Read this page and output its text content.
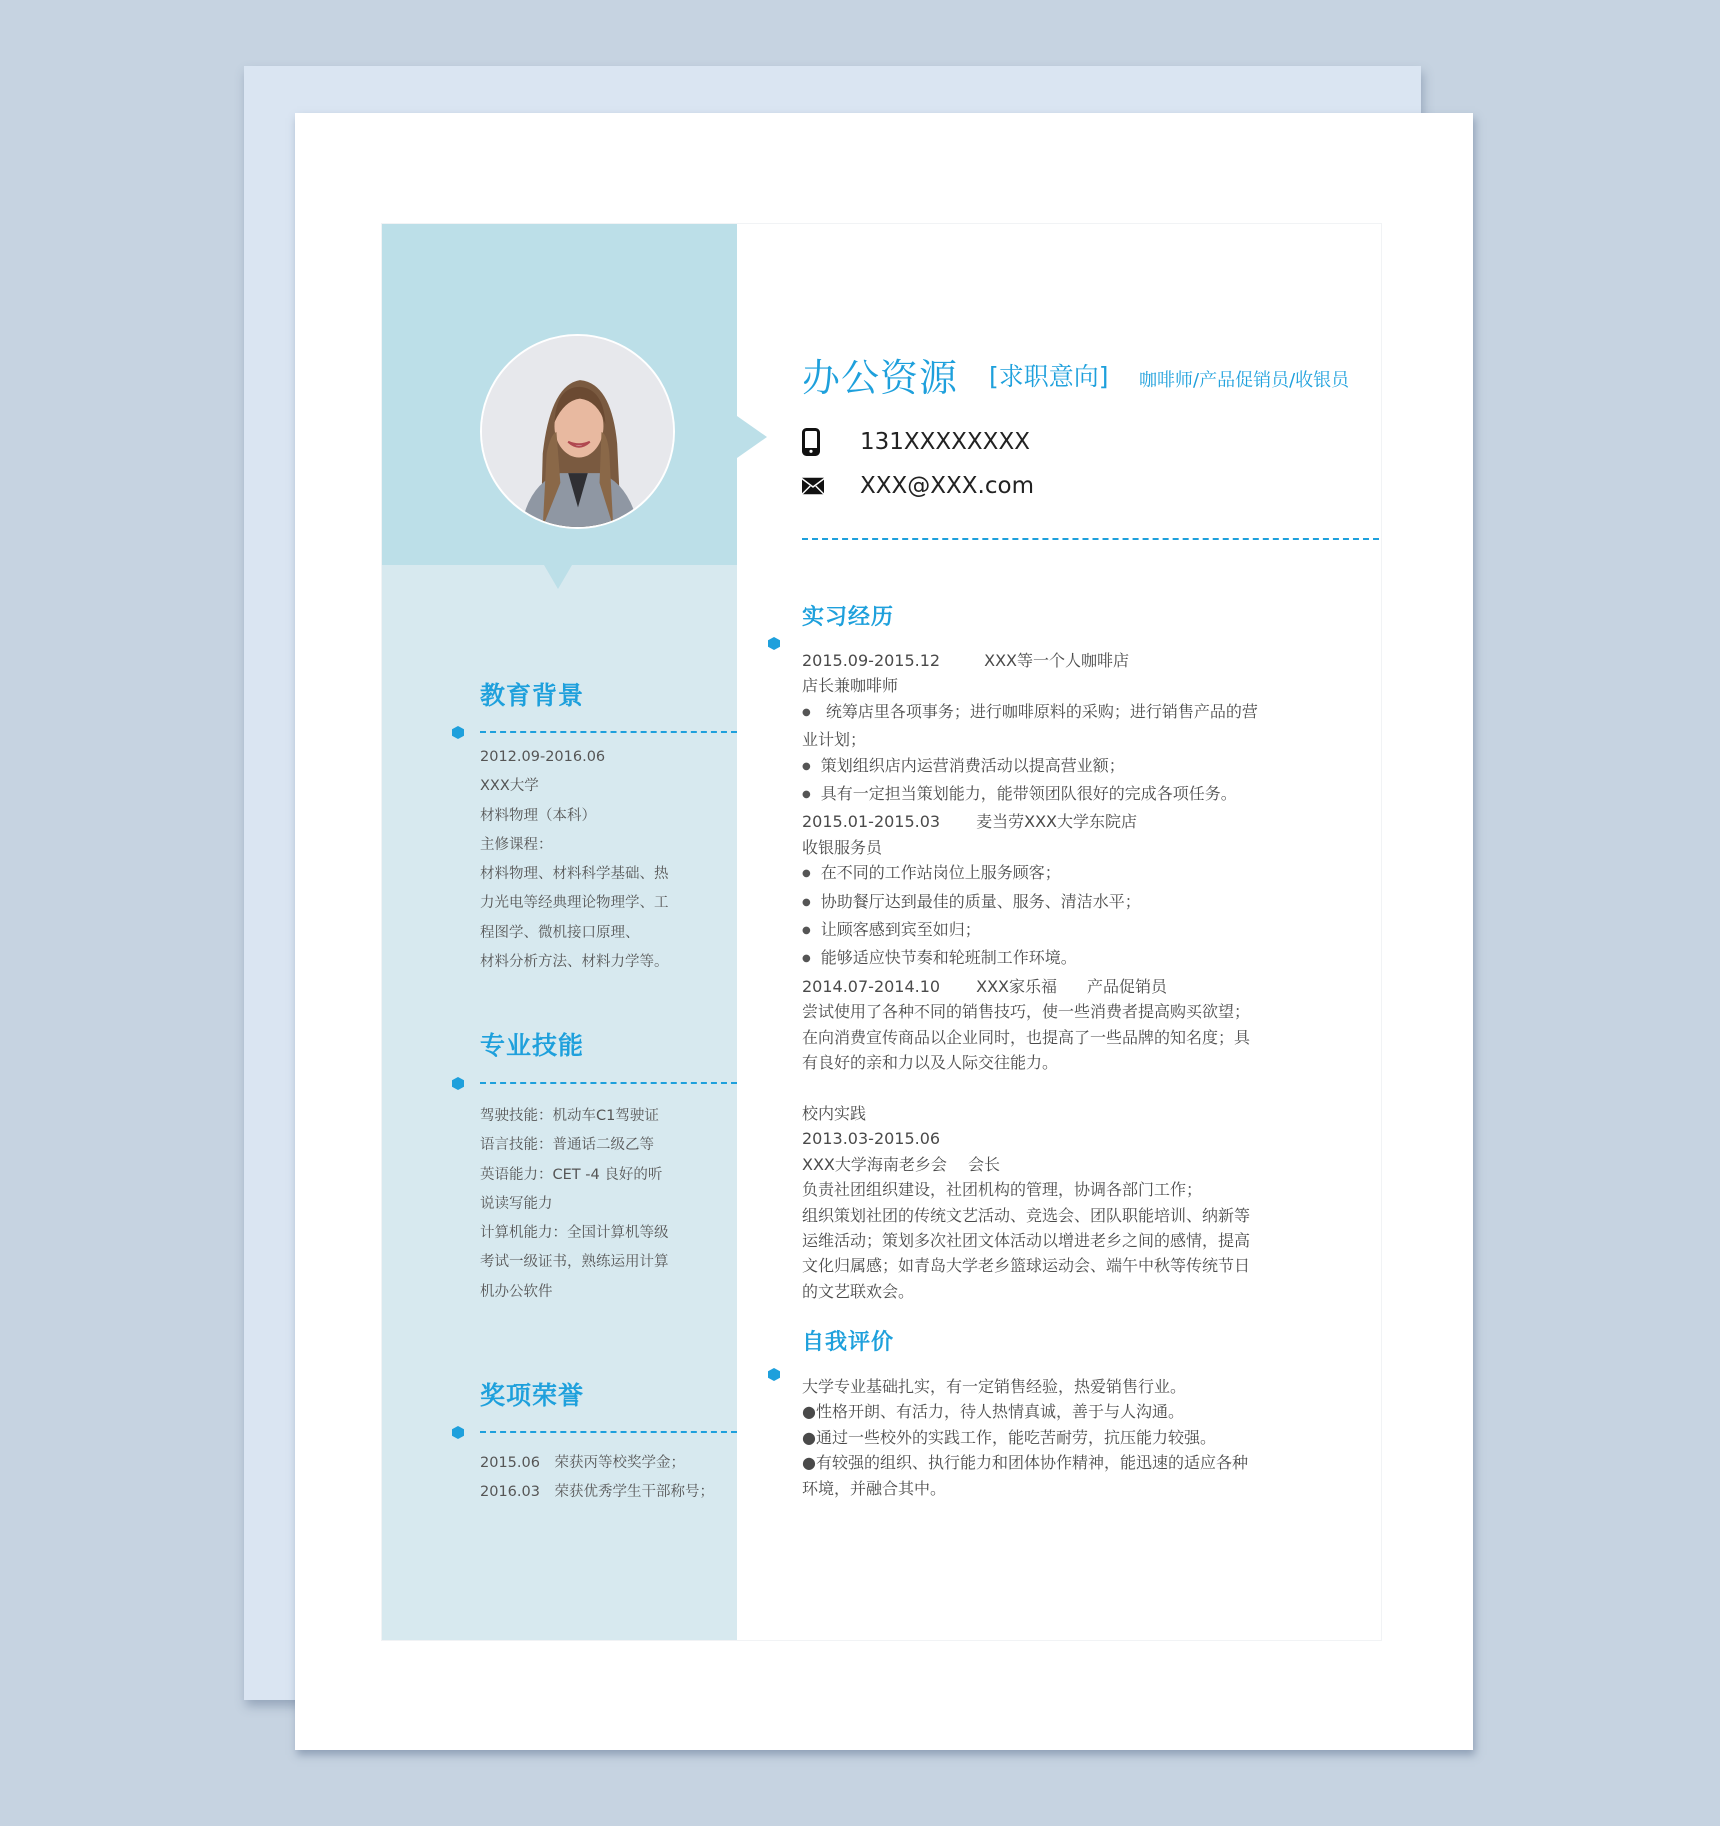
教育背景
2012.09-2016.06
XXX大学
材料物理（本科）
主修课程：
材料物理、材料科学基础、热
力光电等经典理论物理学、工
程图学、微机接口原理、
材料分析方法、材料力学等。
专业技能
驾驶技能：机动车C1驾驶证
语言技能：普通话二级乙等
英语能力：CET -4 良好的听
说读写能力
计算机能力：全国计算机等级
考试一级证书，熟练运用计算
机办公软件
奖项荣誉
2015.06　荣获丙等校奖学金；
2016.03　荣获优秀学生干部称号；
办公资源 [求职意向] 咖啡师/产品促销员/收银员
131XXXXXXXX
XXX@XXX.com
实习经历
2015.09-2015.12	XXX等一个人咖啡店
店长兼咖啡师
● 统筹店里各项事务；进行咖啡原料的采购；进行销售产品的营
业计划；
● 策划组织店内运营消费活动以提高营业额；
● 具有一定担当策划能力，能带领团队很好的完成各项任务。
2015.01-2015.03 麦当劳XXX大学东院店
收银服务员
● 在不同的工作站岗位上服务顾客；
● 协助餐厅达到最佳的质量、服务、清洁水平；
● 让顾客感到宾至如归；
● 能够适应快节奏和轮班制工作环境。
2014.07-2014.10 XXX家乐福 产品促销员
尝试使用了各种不同的销售技巧，使一些消费者提高购买欲望；
在向消费宣传商品以企业同时，也提高了一些品牌的知名度；具
有良好的亲和力以及人际交往能力。
校内实践
2013.03-2015.06
XXX大学海南老乡会　 会长
负责社团组织建设，社团机构的管理，协调各部门工作；
组织策划社团的传统文艺活动、竞选会、团队职能培训、纳新等
运维活动；策划多次社团文体活动以增进老乡之间的感情，提高
文化归属感；如青岛大学老乡篮球运动会、端午中秋等传统节日
的文艺联欢会。
自我评价
大学专业基础扎实，有一定销售经验，热爱销售行业。
●性格开朗、有活力，待人热情真诚，善于与人沟通。
●通过一些校外的实践工作，能吃苦耐劳，抗压能力较强。
●有较强的组织、执行能力和团体协作精神，能迅速的适应各种
环境，并融合其中。
